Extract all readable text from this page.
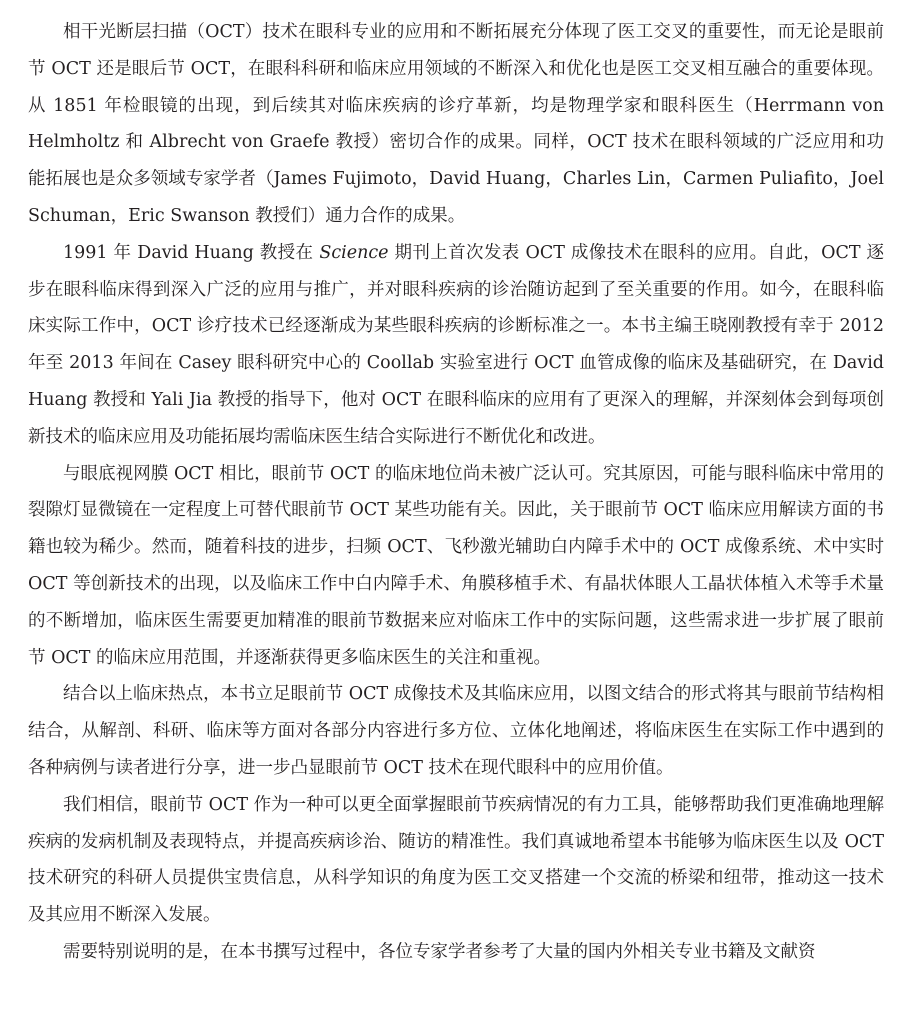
相干光断层扫描（OCT）技术在眼科专业的应用和不断拓展充分体现了医工交叉的重要性，而无论是眼前节 OCT 还是眼后节 OCT，在眼科科研和临床应用领域的不断深入和优化也是医工交叉相互融合的重要体现。从 1851 年检眼镜的出现，到后续其对临床疾病的诊疗革新，均是物理学家和眼科医生（Herrmann von Helmholtz 和 Albrecht von Graefe 教授）密切合作的成果。同样，OCT 技术在眼科领域的广泛应用和功能拓展也是众多领域专家学者（James Fujimoto，David Huang，Charles Lin，Carmen Puliafito，Joel Schuman，Eric Swanson 教授们）通力合作的成果。

1991 年 David Huang 教授在 Science 期刊上首次发表 OCT 成像技术在眼科的应用。自此，OCT 逐步在眼科临床得到深入广泛的应用与推广，并对眼科疾病的诊治随访起到了至关重要的作用。如今，在眼科临床实际工作中，OCT 诊疗技术已经逐渐成为某些眼科疾病的诊断标准之一。本书主编王晓刚教授有幸于 2012 年至 2013 年间在 Casey 眼科研究中心的 Coollab 实验室进行 OCT 血管成像的临床及基础研究，在 David Huang 教授和 Yali Jia 教授的指导下，他对 OCT 在眼科临床的应用有了更深入的理解，并深刻体会到每项创新技术的临床应用及功能拓展均需临床医生结合实际进行不断优化和改进。

与眼底视网膜 OCT 相比，眼前节 OCT 的临床地位尚未被广泛认可。究其原因，可能与眼科临床中常用的裂隙灯显微镜在一定程度上可替代眼前节 OCT 某些功能有关。因此，关于眼前节 OCT 临床应用解读方面的书籍也较为稀少。然而，随着科技的进步，扫频 OCT、飞秒激光辅助白内障手术中的 OCT 成像系统、术中实时 OCT 等创新技术的出现，以及临床工作中白内障手术、角膜移植手术、有晶状体眼人工晶状体植入术等手术量的不断增加，临床医生需要更加精准的眼前节数据来应对临床工作中的实际问题，这些需求进一步扩展了眼前节 OCT 的临床应用范围，并逐渐获得更多临床医生的关注和重视。

结合以上临床热点，本书立足眼前节 OCT 成像技术及其临床应用，以图文结合的形式将其与眼前节结构相结合，从解剖、科研、临床等方面对各部分内容进行多方位、立体化地阐述，将临床医生在实际工作中遇到的各种病例与读者进行分享，进一步凸显眼前节 OCT 技术在现代眼科中的应用价值。

我们相信，眼前节 OCT 作为一种可以更全面掌握眼前节疾病情况的有力工具，能够帮助我们更准确地理解疾病的发病机制及表现特点，并提高疾病诊治、随访的精准性。我们真诚地希望本书能够为临床医生以及 OCT 技术研究的科研人员提供宝贵信息，从科学知识的角度为医工交叉搭建一个交流的桥梁和纽带，推动这一技术及其应用不断深入发展。

需要特别说明的是，在本书撰写过程中，各位专家学者参考了大量的国内外相关专业书籍及文献资
